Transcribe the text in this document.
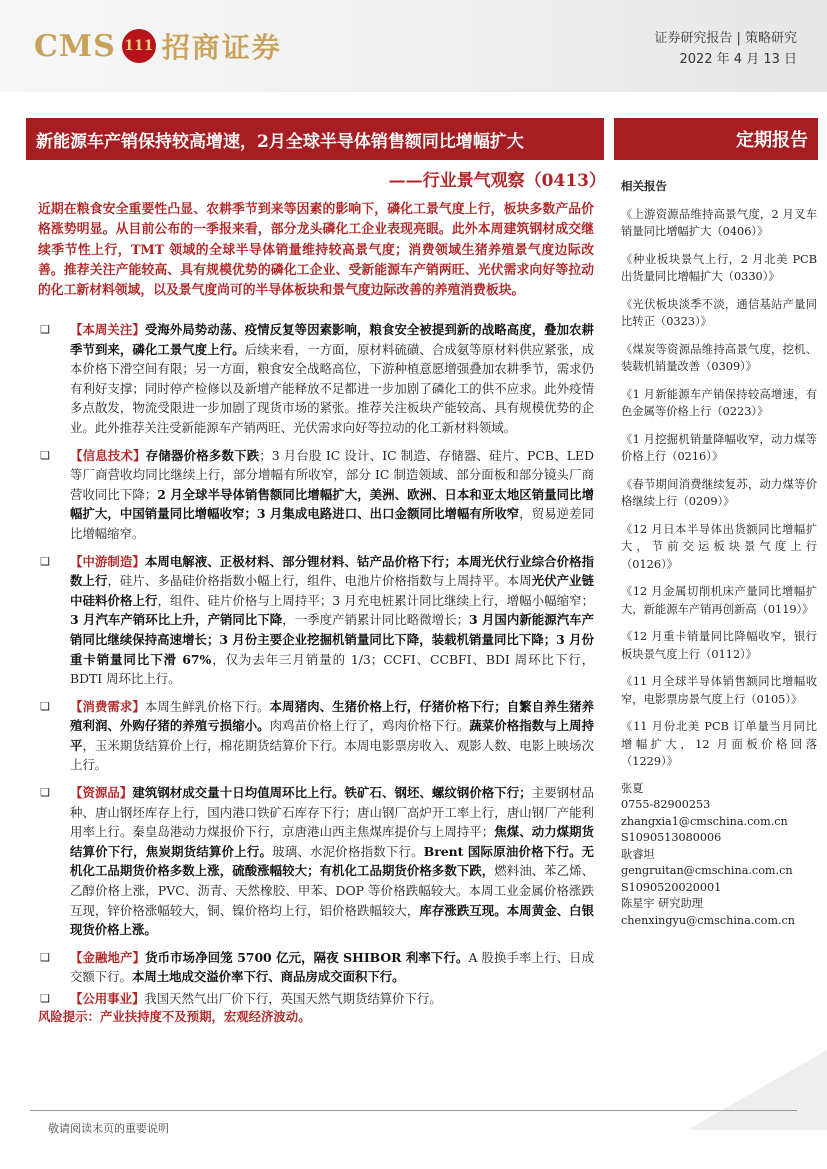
CMS 111 招商证券	证券研究报告 | 策略研究
2022 年 4 月 13 日
新能源车产销保持较高增速，2月全球半导体销售额同比增幅扩大	定期报告
——行业景气观察（0413）
近期在粮食安全重要性凸显、农耕季节到来等因素的影响下，磷化工景气度上行，板块多数产品价格涨势明显。从目前公布的一季报来看，部分龙头磷化工企业表现亮眼。此外本周建筑钢材成交继续季节性上行，TMT 领域的全球半导体销量维持较高景气度；消费领域生猪养殖景气度边际改善。推荐关注产能较高、具有规模优势的磷化工企业、受新能源车产销两旺、光伏需求向好等拉动的化工新材料领域，以及景气度尚可的半导体板块和景气度边际改善的养殖消费板块。
❑ 【本周关注】受海外局势动荡、疫情反复等因素影响，粮食安全被提到新的战略高度，叠加农耕季节到来，磷化工景气度上行。后续来看，一方面，原材料硫磺、合成氨等原材料供应紧张，成本价格下滑空间有限；另一方面，粮食安全战略高位，下游种植意愿增强叠加农耕季节，需求仍有利好支撑；同时停产检修以及新增产能释放不足都进一步加剧了磷化工的供不应求。此外疫情多点散发，物流受限进一步加剧了现货市场的紧张。推荐关注板块产能较高、具有规模优势的企业。此外推荐关注受新能源车产销两旺、光伏需求向好等拉动的化工新材料领域。
❑ 【信息技术】存储器价格多数下跌；3 月台股 IC 设计、IC 制造、存储器、硅片、PCB、LED 等厂商营收均同比继续上行，部分增幅有所收窄，部分 IC 制造领域、部分面板和部分镜头厂商营收同比下降；2 月全球半导体销售额同比增幅扩大，美洲、欧洲、日本和亚太地区销量同比增幅扩大，中国销量同比增幅收窄；3 月集成电路进口、出口金额同比增幅有所收窄，贸易逆差同比增幅缩窄。
❑ 【中游制造】本周电解液、正极材料、部分锂材料、钴产品价格下行；本周光伏行业综合价格指数上行，硅片、多晶硅价格指数小幅上行，组件、电池片价格指数与上周持平。本周光伏产业链中硅料价格上行，组件、硅片价格与上周持平；3 月充电桩累计同比继续上行，增幅小幅缩窄；3 月汽车产销环比上升，产销同比下降，一季度产销累计同比略微增长；3 月国内新能源汽车产销同比继续保持高速增长；3 月份主要企业挖掘机销量同比下降，装载机销量同比下降；3 月份重卡销量同比下滑 67%，仅为去年三月销量的 1/3；CCFI、CCBFI、BDI 周环比下行，BDTI 周环比上行。
❑ 【消费需求】本周生鲜乳价格下行。本周猪肉、生猪价格上行，仔猪价格下行；自繁自养生猪养殖利润、外购仔猪的养殖亏损缩小。肉鸡苗价格上行了，鸡肉价格下行。蔬菜价格指数与上周持平，玉米期货结算价上行，棉花期货结算价下行。本周电影票房收入、观影人数、电影上映场次上行。
❑ 【资源品】建筑钢材成交量十日均值周环比上行。铁矿石、钢坯、螺纹钢价格下行；主要钢材品种、唐山钢坯库存上行，国内港口铁矿石库存下行；唐山钢厂高炉开工率上行，唐山钢厂产能利用率上行。秦皇岛港动力煤报价下行，京唐港山西主焦煤库提价与上周持平；焦煤、动力煤期货结算价下行，焦炭期货结算价上行。玻璃、水泥价格指数下行。Brent 国际原油价格下行。无机化工品期货价格多数上涨，硫酸涨幅较大；有机化工品期货价格多数下跌，燃料油、苯乙烯、乙醇价格上涨，PVC、沥青、天然橡胶、甲苯、DOP 等价格跌幅较大。本周工业金属价格涨跌互现，锌价格涨幅较大，铜、镍价格均上行，铝价格跌幅较大，库存涨跌互现。本周黄金、白银现货价格上涨。
❑ 【金融地产】货币市场净回笼 5700 亿元，隔夜 SHIBOR 利率下行。A 股换手率上行、日成交额下行。本周土地成交溢价率下行、商品房成交面积下行。
❑ 【公用事业】我国天然气出厂价下行，英国天然气期货结算价下行。
风险提示：产业扶持度不及预期，宏观经济波动。
相关报告
《上游资源品维持高景气度，2 月叉车销量同比增幅扩大（0406）》
《种业板块景气上行，2 月北美 PCB 出货量同比增幅扩大（0330）》
《光伏板块淡季不淡，通信基站产量同比转正（0323）》
《煤炭等资源品维持高景气度，挖机、装载机销量改善（0309）》
《1 月新能源车产销保持较高增速，有色金属等价格上行（0223）》
《1 月挖掘机销量降幅收窄，动力煤等价格上行（0216）》
《春节期间消费继续复苏，动力煤等价格继续上行（0209）》
《12 月日本半导体出货额同比增幅扩大，节前交运板块景气度上行（0126）》
《12 月金属切削机床产量同比增幅扩大，新能源车产销再创新高（0119）》
《12 月重卡销量同比降幅收窄，银行板块景气度上行（0112）》
《11 月全球半导体销售额同比增幅收窄，电影票房景气度上行（0105）》
《11 月份北美 PCB 订单量当月同比增幅扩大，12 月面板价格回落（1229）》
张夏
0755-82900253
zhangxia1@cmschina.com.cn
S1090513080006
耿睿坦
gengruitan@cmschina.com.cn
S1090520020001
陈星宇 研究助理
chenxingyu@cmschina.com.cn
敬请阅读末页的重要说明
